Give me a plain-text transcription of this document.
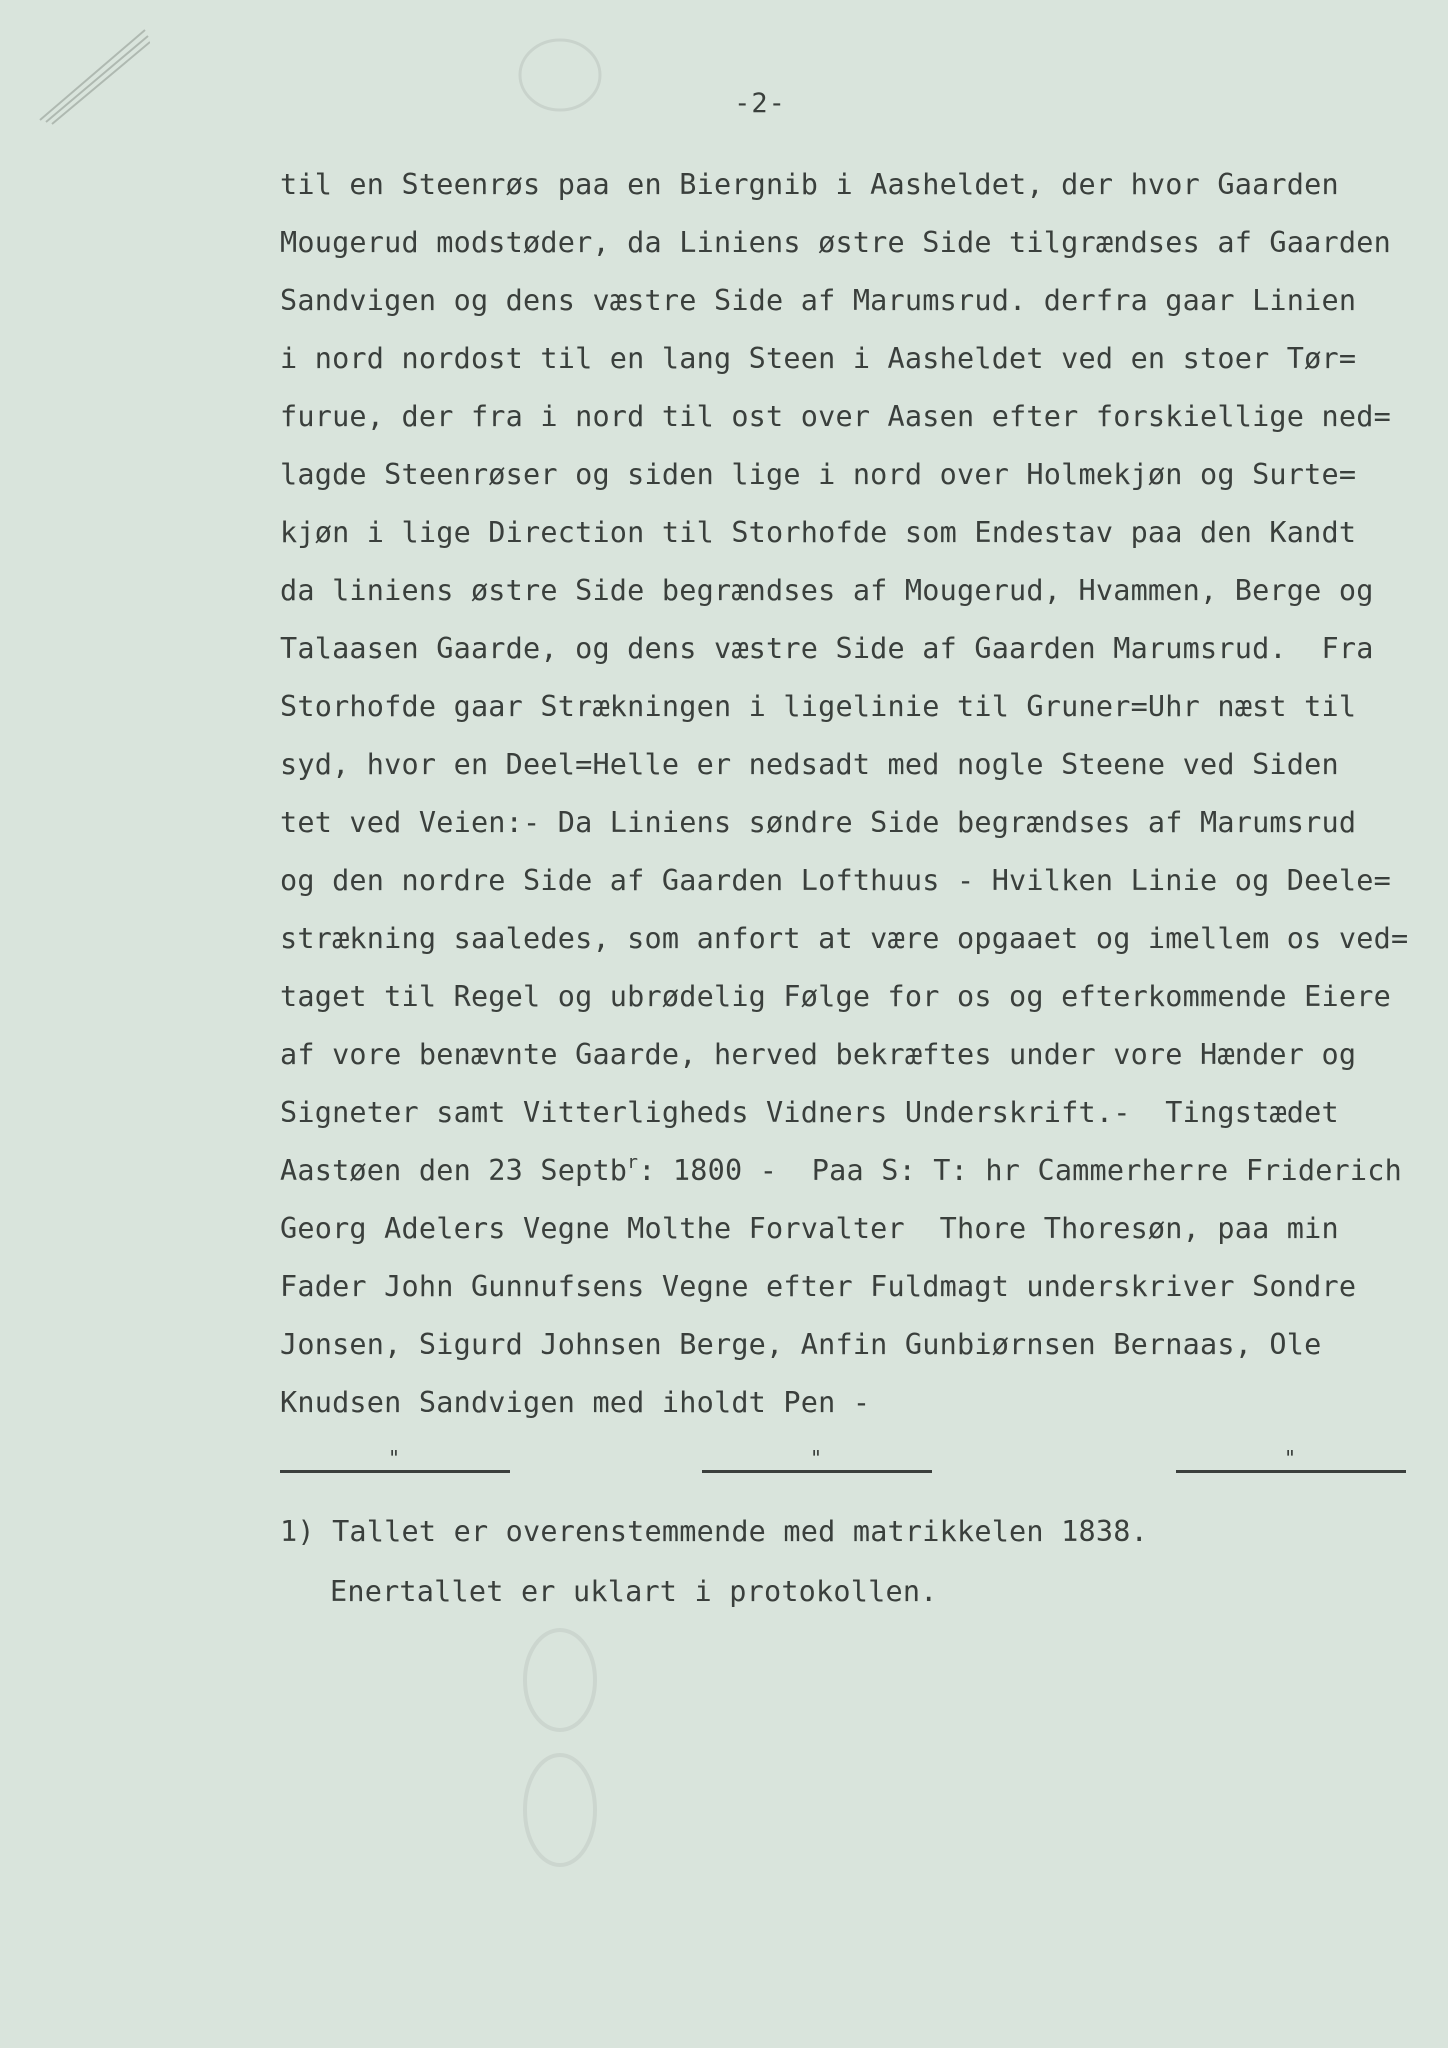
-2-
til en Steenrøs paa en Biergnib i Aasheldet, der hvor Gaarden
Mougerud modstøder, da Liniens østre Side tilgrændses af Gaarden
Sandvigen og dens væstre Side af Marumsrud. derfra gaar Linien
i nord nordost til en lang Steen i Aasheldet ved en stoer Tør=
furue, der fra i nord til ost over Aasen efter forskiellige ned=
lagde Steenrøser og siden lige i nord over Holmekjøn og Surte=
kjøn i lige Direction til Storhofde som Endestav paa den Kandt
da liniens østre Side begrændses af Mougerud, Hvammen, Berge og
Talaasen Gaarde, og dens væstre Side af Gaarden Marumsrud.  Fra
Storhofde gaar Strækningen i ligelinie til Gruner=Uhr næst til
syd, hvor en Deel=Helle er nedsadt med nogle Steene ved Siden
tet ved Veien:- Da Liniens søndre Side begrændses af Marumsrud
og den nordre Side af Gaarden Lofthuus - Hvilken Linie og Deele=
strækning saaledes, som anfort at være opgaaet og imellem os ved=
taget til Regel og ubrødelig Følge for os og efterkommende Eiere
af vore benævnte Gaarde, herved bekræftes under vore Hænder og
Signeter samt Vitterligheds Vidners Underskrift.-  Tingstædet
Aastøen den 23 Septb$^r$: 1800 -  Paa S: T: hr Cammerherre Friderich
Georg Adelers Vegne Molthe Forvalter  Thore Thoresøn, paa min
Fader John Gunnufsens Vegne efter Fuldmagt underskriver Sondre
Jonsen, Sigurd Johnsen Berge, Anfin Gunbiørnsen Bernaas, Ole
Knudsen Sandvigen med iholdt Pen -
"	"	"
1) Tallet er overenstemmende med matrikkelen 1838.
Enertallet er uklart i protokollen.
